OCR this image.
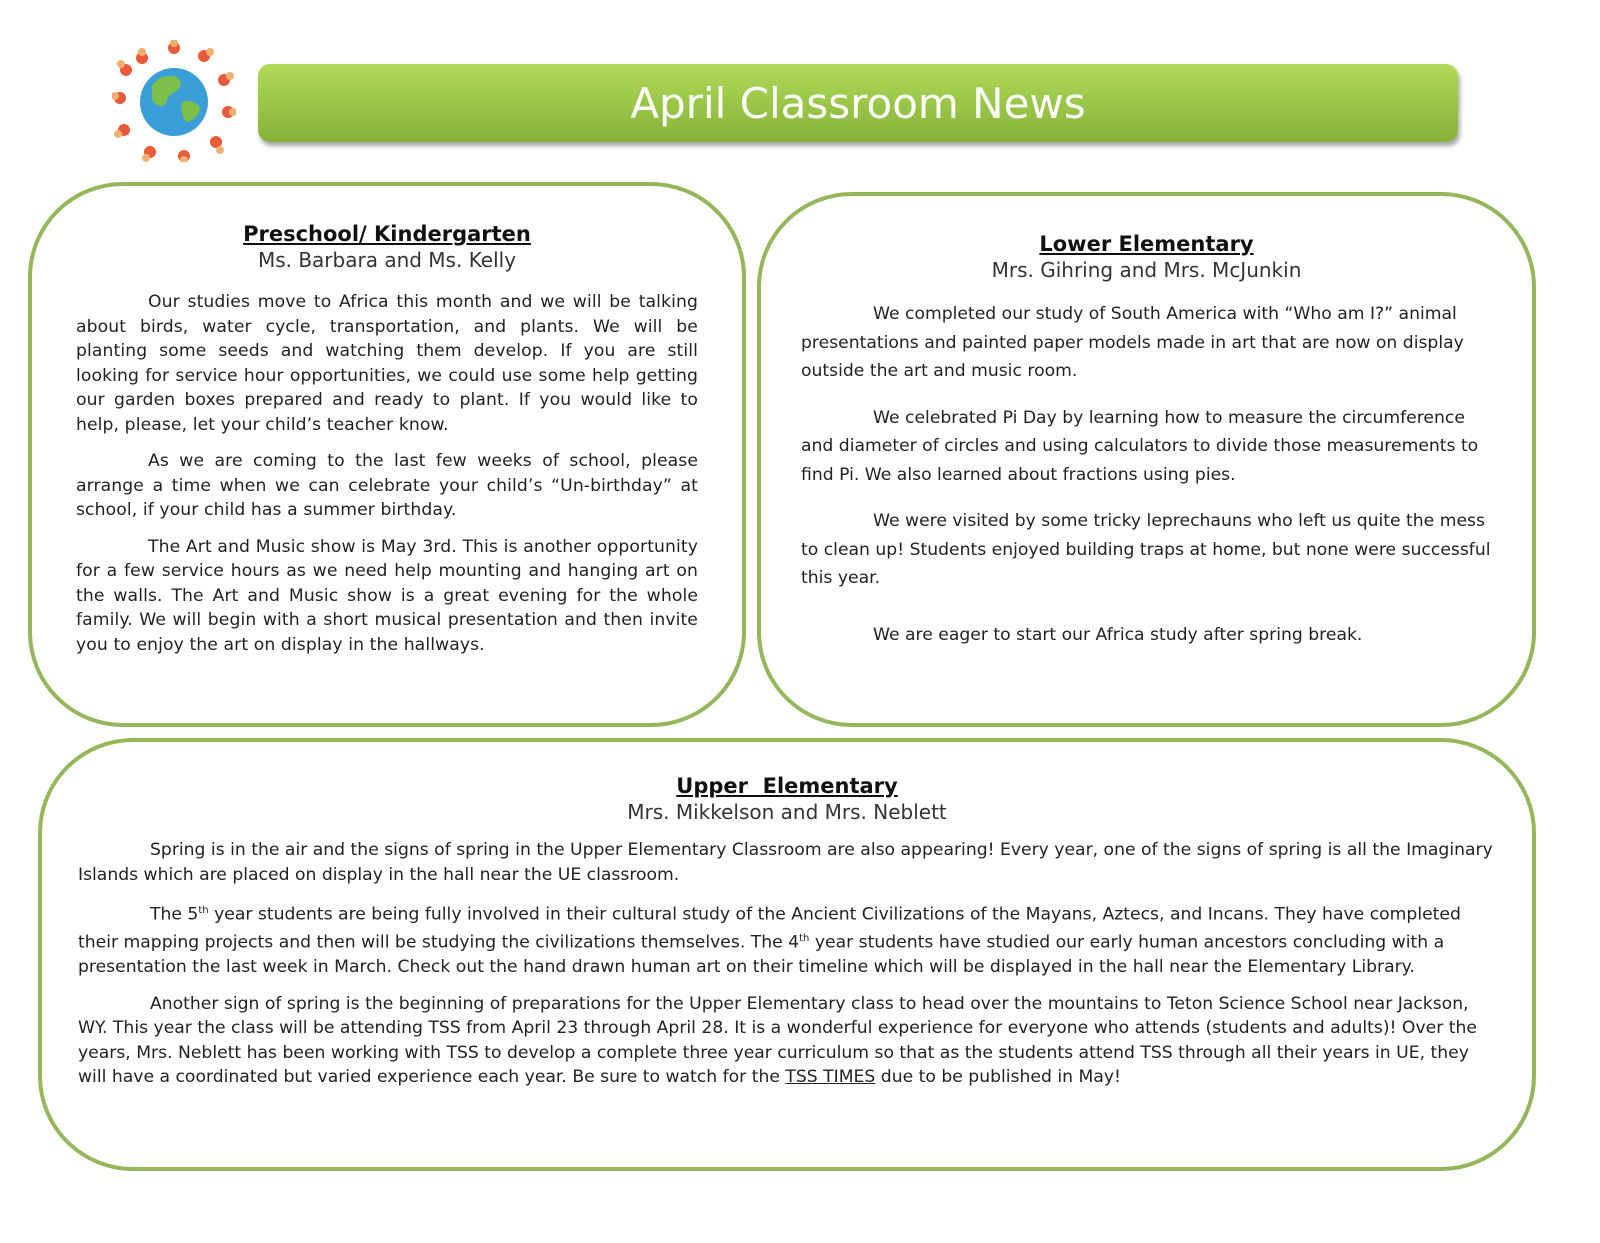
April Classroom News
Preschool/ Kindergarten
Ms. Barbara and Ms. Kelly

Our studies move to Africa this month and we will be talking about birds, water cycle, transportation, and plants. We will be planting some seeds and watching them develop. If you are still looking for service hour opportunities, we could use some help getting our garden boxes prepared and ready to plant. If you would like to help, please, let your child’s teacher know.

As we are coming to the last few weeks of school, please arrange a time when we can celebrate your child’s “Un-birthday” at school, if your child has a summer birthday.

The Art and Music show is May 3rd. This is another opportunity for a few service hours as we need help mounting and hanging art on the walls. The Art and Music show is a great evening for the whole family. We will begin with a short musical presentation and then invite you to enjoy the art on display in the hallways.

Lower Elementary
Mrs. Gihring and Mrs. McJunkin

We completed our study of South America with “Who am I?” animal presentations and painted paper models made in art that are now on display outside the art and music room.

We celebrated Pi Day by learning how to measure the circumference and diameter of circles and using calculators to divide those measurements to find Pi. We also learned about fractions using pies.

We were visited by some tricky leprechauns who left us quite the mess to clean up! Students enjoyed building traps at home, but none were successful this year.

We are eager to start our Africa study after spring break.

Upper  Elementary
Mrs. Mikkelson and Mrs. Neblett

Spring is in the air and the signs of spring in the Upper Elementary Classroom are also appearing! Every year, one of the signs of spring is all the Imaginary Islands which are placed on display in the hall near the UE classroom.

The 5th year students are being fully involved in their cultural study of the Ancient Civilizations of the Mayans, Aztecs, and Incans. They have completed their mapping projects and then will be studying the civilizations themselves. The 4th year students have studied our early human ancestors concluding with a presentation the last week in March. Check out the hand drawn human art on their timeline which will be displayed in the hall near the Elementary Library.

Another sign of spring is the beginning of preparations for the Upper Elementary class to head over the mountains to Teton Science School near Jackson, WY. This year the class will be attending TSS from April 23 through April 28. It is a wonderful experience for everyone who attends (students and adults)! Over the years, Mrs. Neblett has been working with TSS to develop a complete three year curriculum so that as the students attend TSS through all their years in UE, they will have a coordinated but varied experience each year. Be sure to watch for the TSS TIMES due to be published in May!
